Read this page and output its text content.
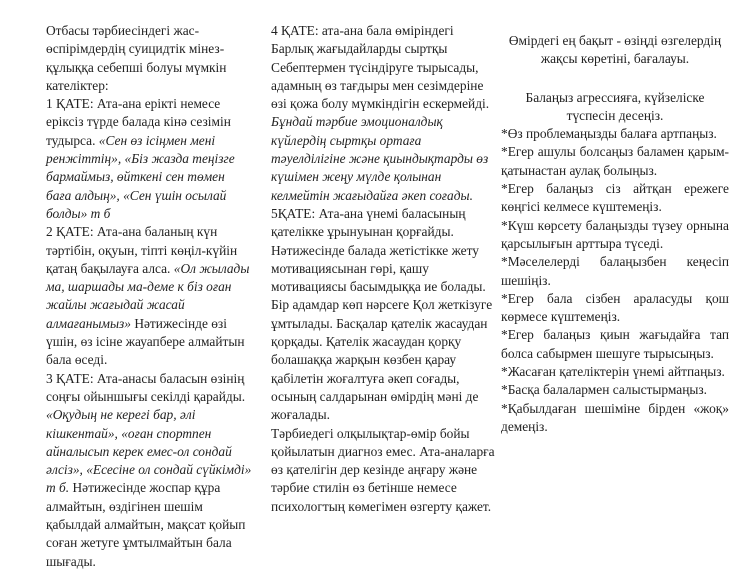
Отбасы тәрбиесіндегі жас-өспірімдердің суицидтік мінез-құлыққа себепші болуы мүмкін кателіктер:

1 ҚАТЕ: Ата-ана ерікті немесе еріксіз түрде балада кінә сезімін тудырса. «Сен өз ісіңмен мені ренжіттің», «Біз жазда теңізге бармаймыз, өйткені сен төмен баға алдың», «Сен үшін осылай болды» т б

2 ҚАТЕ: Ата-ана баланың күн тәртібін, оқуын, тіпті көңіл-күйін қатаң бақылауға алса. «Ол жылады ма, шаршады ма-деме к біз оған жайлы жағыдай жасай алмағанымыз» Нәтижесінде өзі үшін, өз ісіне жауапбере алмайтын бала өседі.

3 ҚАТЕ: Ата-анасы баласын өзінің соңғы ойыншығы секілді қарайды. «Оқудың не керегі бар, әлі кішкентай», «оған спортпен айналысып керек емес-ол сондай әлсіз», «Есесіне ол сондай сүйкімді» т б. Нәтижесінде жоспар құра алмайтын, өздігінен шешім қабылдай алмайтын, мақсат қойып соған жетуге ұмтылмайтын бала шығады.

4 ҚАТЕ: ата-ана бала өміріндегі Барлық жағыдайларды сыртқы Себептермен түсіндіруге тырысады, адамның өз тағдыры мен сезімдеріне өзі қожа болу мүмкіндігін ескермейді. Бұндай тәрбие эмоционалдық күйлердің сыртқы ортаға тәуелділігіне және қиындықтарды өз күшімен жеңу мүлде қолынан келмейтін жағыдайға әкеп соғады.

5ҚАТЕ: Ата-ана үнемі баласының қателікке ұрынуынан қорғайды. Нәтижесінде балада жетістікке жету мотивациясынан гөрі, қашу мотивациясы басымдыққа ие болады. Бір адамдар көп нәрсеге Қол жеткізуге ұмтылады. Басқалар қателік жасаудан қорқады. Қателік жасаудан қорқу болашаққа жарқын көзбен қарау қабілетін жоғалтуға әкеп соғады, осының салдарынан өмірдің мәні де жоғалады.

Тәрбиедегі олқылықтар-өмір бойы қойылатын диагноз емес. Ата-аналарға өз қателігін дер кезінде аңғару және тәрбие стилін өз бетінше немесе психологтың көмегімен өзгерту қажет.

Өмірдегі ең бақыт - өзіңді өзгелердің жақсы көретіні, бағалауы.

Балаңыз агрессияға, күйзеліске түспесін десеңіз.

*Өз проблемаңызды балаға артпаңыз.

*Егер ашулы болсаңыз баламен қарым-қатынастан аулақ болыңыз.

*Егер балаңыз сіз айтқан ережеге көңгісі келмесе күштемеңіз.

*Күш көрсету балаңызды түзеу орнына қарсылығын арттыра түседі.

*Мәселелерді балаңызбен кеңесіп шешіңіз.

*Егер бала сізбен араласуды қош көрмесе күштемеңіз.

*Егер балаңыз қиын жағыдайға тап болса сабырмен шешуге тырысыңыз.

*Жасаған қателіктерін үнемі айтпаңыз.

*Басқа балалармен салыстырмаңыз.

*Қабылдаған шешіміне бірден «жоқ» демеңіз.
